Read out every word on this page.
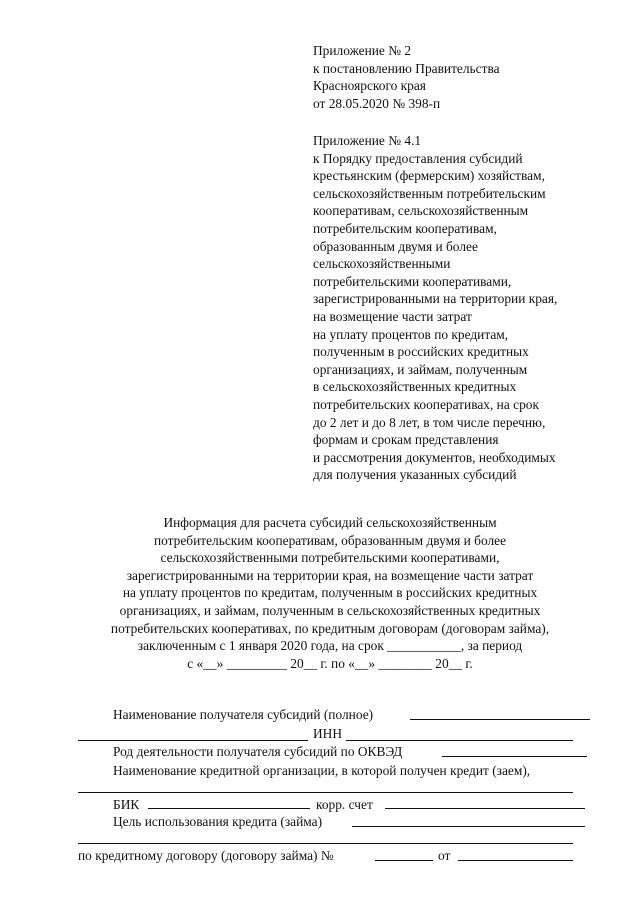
Приложение № 2
к постановлению Правительства
Красноярского края
от 28.05.2020 № 398-п
Приложение № 4.1
к Порядку предоставления субсидий
крестьянским (фермерским) хозяйствам,
сельскохозяйственным потребительским
кооперативам, сельскохозяйственным
потребительским кооперативам,
образованным двумя и более
сельскохозяйственными
потребительскими кооперативами,
зарегистрированными на территории края,
на возмещение части затрат
на уплату процентов по кредитам,
полученным в российских кредитных
организациях, и займам, полученным
в сельскохозяйственных кредитных
потребительских кооперативах, на срок
до 2 лет и до 8 лет, в том числе перечню,
формам и срокам представления
и рассмотрения документов, необходимых
для получения указанных субсидий
Информация для расчета субсидий сельскохозяйственным
потребительским кооперативам, образованным двумя и более
сельскохозяйственными потребительскими кооперативами,
зарегистрированными на территории края, на возмещение части затрат
на уплату процентов по кредитам, полученным в российских кредитных
организациях, и займам, полученным в сельскохозяйственных кредитных
потребительских кооперативах, по кредитным договорам (договорам займа),
заключенным с 1 января 2020 года, на срок ___________, за период
с «__» _________ 20__ г. по «__» ________ 20__ г.
Наименование получателя субсидий (полное)
ИНН
Род деятельности получателя субсидий по ОКВЭД
Наименование кредитной организации, в которой получен кредит (заем),
БИК	корр. счет
Цель использования кредита (займа)
по кредитному договору (договору займа) №	от
